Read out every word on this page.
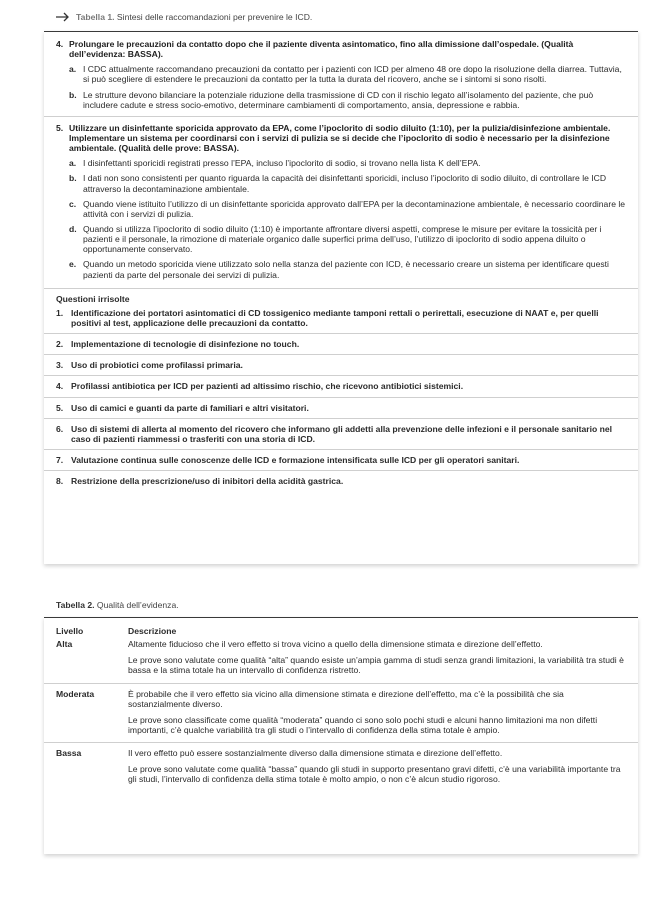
Tabella 1. Sintesi delle raccomandazioni per prevenire le ICD.
4. Prolungare le precauzioni da contatto dopo che il paziente diventa asintomatico, fino alla dimissione dall’ospedale. (Qualità dell’evidenza: BASSA).
a. I CDC attualmente raccomandano precauzioni da contatto per i pazienti con ICD per almeno 48 ore dopo la risoluzione della diarrea. Tuttavia, si può scegliere di estendere le precauzioni da contatto per la tutta la durata del ricovero, anche se i sintomi si sono risolti.
b. Le strutture devono bilanciare la potenziale riduzione della trasmissione di CD con il rischio legato all’isolamento del paziente, che può includere cadute e stress socio-emotivo, determinare cambiamenti di comportamento, ansia, depressione e rabbia.
5. Utilizzare un disinfettante sporicida approvato da EPA, come l’ipoclorito di sodio diluito (1:10), per la pulizia/disinfezione ambientale. Implementare un sistema per coordinarsi con i servizi di pulizia se si decide che l’ipoclorito di sodio è necessario per la disinfezione ambientale. (Qualità delle prove: BASSA).
a. I disinfettanti sporicidi registrati presso l’EPA, incluso l’ipoclorito di sodio, si trovano nella lista K dell’EPA.
b. I dati non sono consistenti per quanto riguarda la capacità dei disinfettanti sporicidi, incluso l’ipoclorito di sodio diluito, di controllare le ICD attraverso la decontaminazione ambientale.
c. Quando viene istituito l’utilizzo di un disinfettante sporicida approvato dall’EPA per la decontaminazione ambientale, è necessario coordinare le attività con i servizi di pulizia.
d. Quando si utilizza l’ipoclorito di sodio diluito (1:10) è importante affrontare diversi aspetti, comprese le misure per evitare la tossicità per i pazienti e il personale, la rimozione di materiale organico dalle superfici prima dell’uso, l’utilizzo di ipoclorito di sodio appena diluito o opportunamente conservato.
e. Quando un metodo sporicida viene utilizzato solo nella stanza del paziente con ICD, è necessario creare un sistema per identificare questi pazienti da parte del personale dei servizi di pulizia.
Questioni irrisolte
1. Identificazione dei portatori asintomatici di CD tossigenico mediante tamponi rettali o perirettali, esecuzione di NAAT e, per quelli positivi al test, applicazione delle precauzioni da contatto.
2. Implementazione di tecnologie di disinfezione no touch.
3. Uso di probiotici come profilassi primaria.
4. Profilassi antibiotica per ICD per pazienti ad altissimo rischio, che ricevono antibiotici sistemici.
5. Uso di camici e guanti da parte di familiari e altri visitatori.
6. Uso di sistemi di allerta al momento del ricovero che informano gli addetti alla prevenzione delle infezioni e il personale sanitario nel caso di pazienti riammessi o trasferiti con una storia di ICD.
7. Valutazione continua sulle conoscenze delle ICD e formazione intensificata sulle ICD per gli operatori sanitari.
8. Restrizione della prescrizione/uso di inibitori della acidità gastrica.
Tabella 2. Qualità dell’evidenza.
Livello	Descrizione
Alta	Altamente fiducioso che il vero effetto si trova vicino a quello della dimensione stimata e direzione dell’effetto.

Le prove sono valutate come qualità “alta” quando esiste un’ampia gamma di studi senza grandi limitazioni, la variabilità tra studi è bassa e la stima totale ha un intervallo di confidenza ristretto.

Moderata	È probabile che il vero effetto sia vicino alla dimensione stimata e direzione dell’effetto, ma c’è la possibilità che sia sostanzialmente diverso.

Le prove sono classificate come qualità “moderata” quando ci sono solo pochi studi e alcuni hanno limitazioni ma non difetti importanti, c’è qualche variabilità tra gli studi o l’intervallo di confidenza della stima totale è ampio.

Bassa	Il vero effetto può essere sostanzialmente diverso dalla dimensione stimata e direzione dell’effetto.

Le prove sono valutate come qualità “bassa” quando gli studi in supporto presentano gravi difetti, c’è una variabilità importante tra gli studi, l’intervallo di confidenza della stima totale è molto ampio, o non c’è alcun studio rigoroso.
